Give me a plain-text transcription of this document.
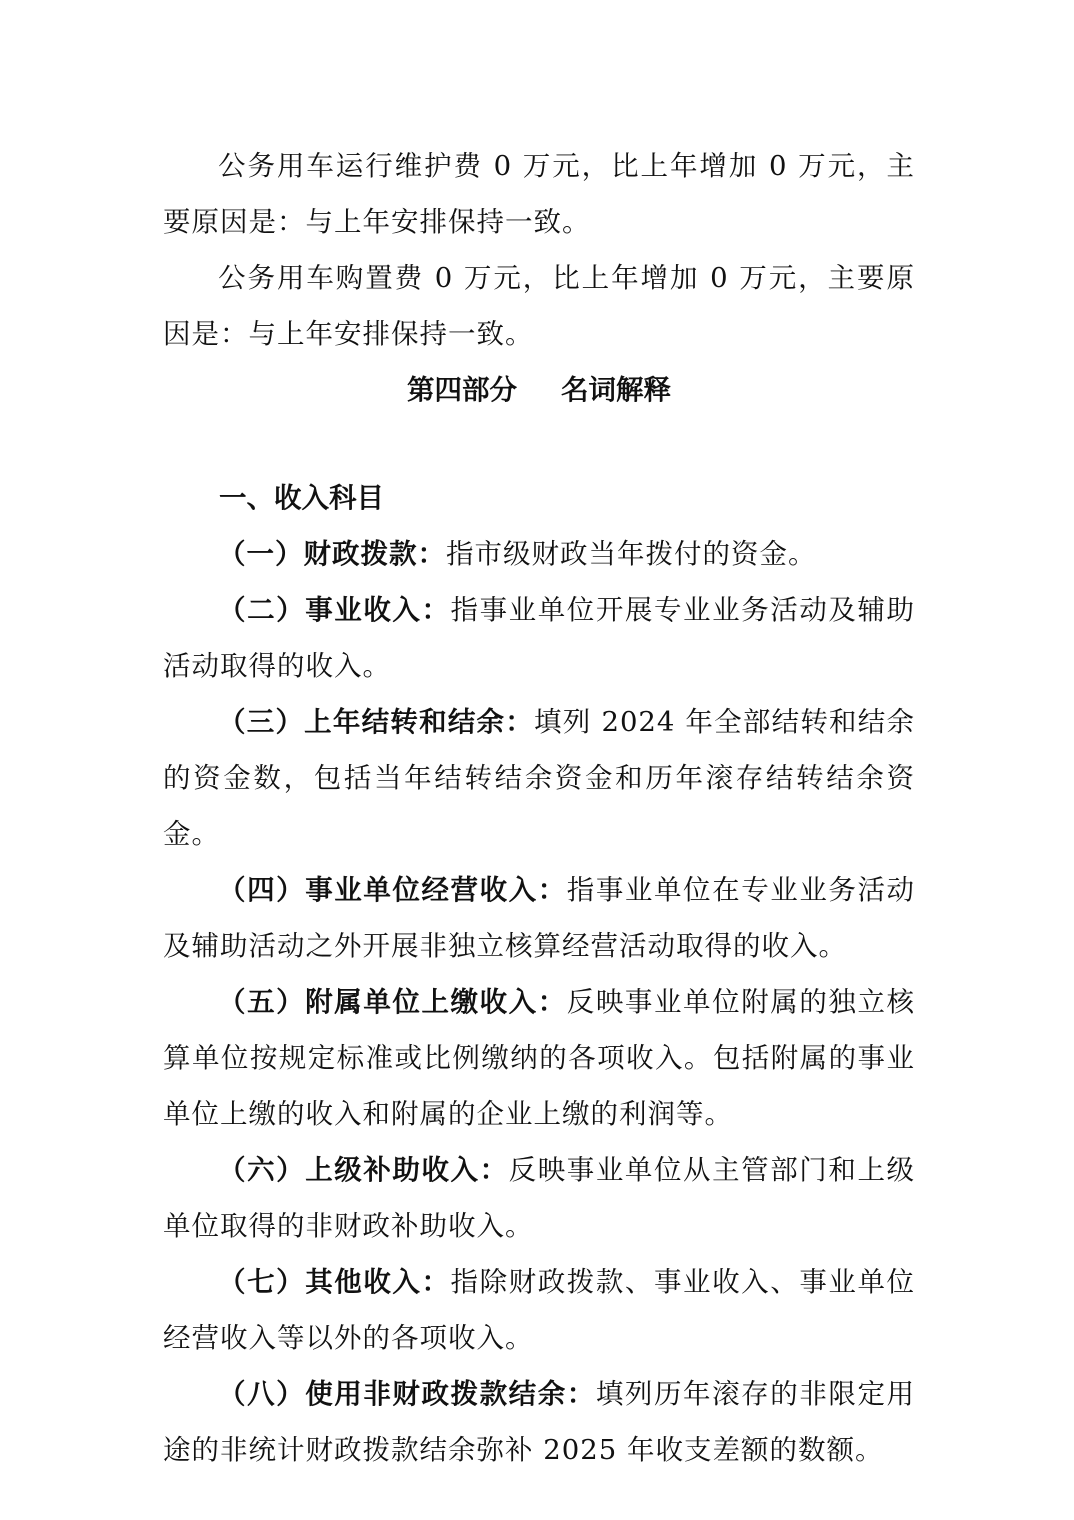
公务用车运行维护费 0 万元，比上年增加 0 万元，主要原因是：与上年安排保持一致。

公务用车购置费 0 万元，比上年增加 0 万元，主要原因是：与上年安排保持一致。

第四部分 名词解释
一、收入科目

（一）财政拨款：指市级财政当年拨付的资金。

（二）事业收入：指事业单位开展专业业务活动及辅助活动取得的收入。

（三）上年结转和结余：填列 2024 年全部结转和结余的资金数，包括当年结转结余资金和历年滚存结转结余资金。

（四）事业单位经营收入：指事业单位在专业业务活动及辅助活动之外开展非独立核算经营活动取得的收入。

（五）附属单位上缴收入：反映事业单位附属的独立核算单位按规定标准或比例缴纳的各项收入。包括附属的事业单位上缴的收入和附属的企业上缴的利润等。

（六）上级补助收入：反映事业单位从主管部门和上级单位取得的非财政补助收入。

（七）其他收入：指除财政拨款、事业收入、事业单位经营收入等以外的各项收入。

（八）使用非财政拨款结余：填列历年滚存的非限定用途的非统计财政拨款结余弥补 2025 年收支差额的数额。
